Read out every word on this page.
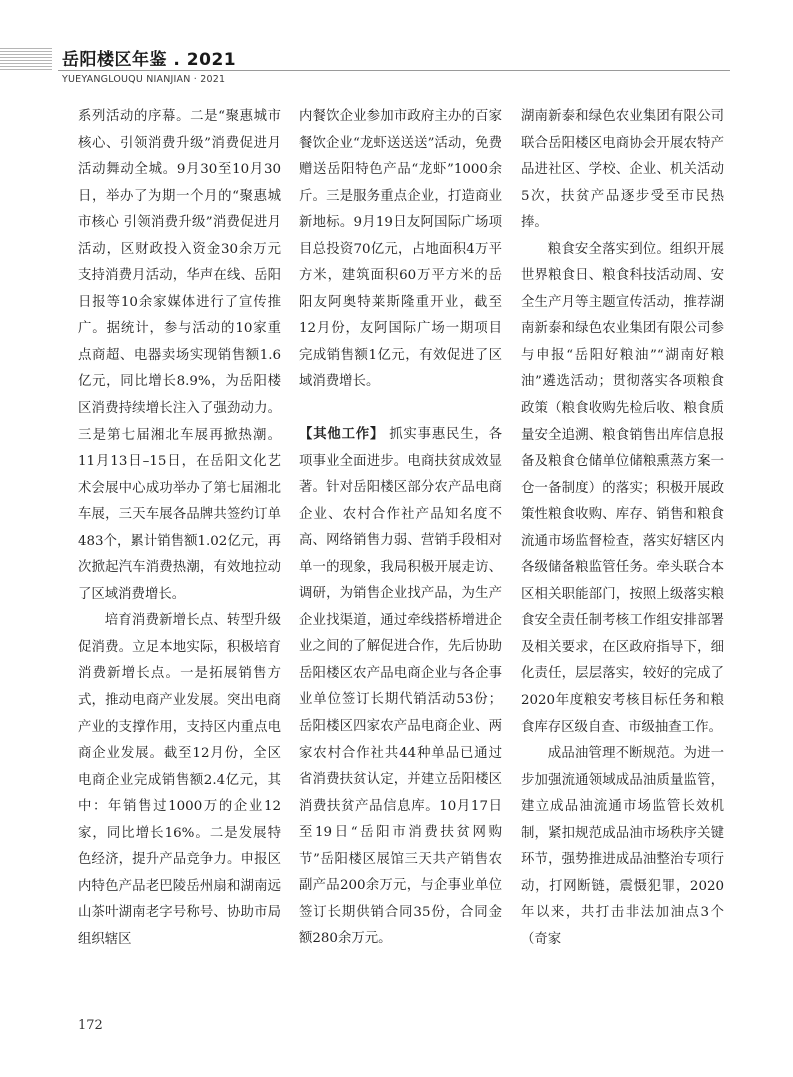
岳阳楼区年鉴 . 2021
YUEYANGLOUQU NIANJIAN · 2021

系列活动的序幕。二是“聚惠城市核心、引领消费升级”消费促进月活动舞动全城。9月30至10月30日，举办了为期一个月的“聚惠城市核心 引领消费升级”消费促进月活动，区财政投入资金30余万元支持消费月活动，华声在线、岳阳日报等10余家媒体进行了宣传推广。据统计，参与活动的10家重点商超、电器卖场实现销售额1.6亿元，同比增长8.9%，为岳阳楼区消费持续增长注入了强劲动力。三是第七届湘北车展再掀热潮。11月13日–15日，在岳阳文化艺术会展中心成功举办了第七届湘北车展，三天车展各品牌共签约订单483个，累计销售额1.02亿元，再次掀起汽车消费热潮，有效地拉动了区域消费增长。

培育消费新增长点、转型升级促消费。立足本地实际，积极培育消费新增长点。一是拓展销售方式，推动电商产业发展。突出电商产业的支撑作用，支持区内重点电商企业发展。截至12月份，全区电商企业完成销售额2.4亿元，其中：年销售过1000万的企业12家，同比增长16%。二是发展特色经济，提升产品竞争力。申报区内特色产品老巴陵岳州扇和湖南远山茶叶湖南老字号称号、协助市局组织辖区

内餐饮企业参加市政府主办的百家餐饮企业“龙虾送送送”活动，免费赠送岳阳特色产品“龙虾”1000余斤。三是服务重点企业，打造商业新地标。9月19日友阿国际广场项目总投资70亿元，占地面积4万平方米，建筑面积60万平方米的岳阳友阿奥特莱斯隆重开业，截至12月份，友阿国际广场一期项目完成销售额1亿元，有效促进了区域消费增长。

【其他工作】 抓实事惠民生，各项事业全面进步。电商扶贫成效显著。针对岳阳楼区部分农产品电商企业、农村合作社产品知名度不高、网络销售力弱、营销手段相对单一的现象，我局积极开展走访、调研，为销售企业找产品，为生产企业找渠道，通过牵线搭桥增进企业之间的了解促进合作，先后协助岳阳楼区农产品电商企业与各企事业单位签订长期代销活动53份；岳阳楼区四家农产品电商企业、两家农村合作社共44种单品已通过省消费扶贫认定，并建立岳阳楼区消费扶贫产品信息库。10月17日至19日“岳阳市消费扶贫网购节”岳阳楼区展馆三天共产销售农副产品200余万元，与企事业单位签订长期供销合同35份，合同金额280余万元。

湖南新泰和绿色农业集团有限公司联合岳阳楼区电商协会开展农特产品进社区、学校、企业、机关活动5次，扶贫产品逐步受至市民热捧。

粮食安全落实到位。组织开展世界粮食日、粮食科技活动周、安全生产月等主题宣传活动，推荐湖南新泰和绿色农业集团有限公司参与申报“岳阳好粮油”“湖南好粮油”遴选活动；贯彻落实各项粮食政策（粮食收购先检后收、粮食质量安全追溯、粮食销售出库信息报备及粮食仓储单位储粮熏蒸方案一仓一备制度）的落实；积极开展政策性粮食收购、库存、销售和粮食流通市场监督检查，落实好辖区内各级储备粮监管任务。牵头联合本区相关职能部门，按照上级落实粮食安全责任制考核工作组安排部署及相关要求，在区政府指导下，细化责任，层层落实，较好的完成了2020年度粮安考核目标任务和粮食库存区级自查、市级抽查工作。

成品油管理不断规范。为进一步加强流通领域成品油质量监管，建立成品油流通市场监管长效机制，紧扣规范成品油市场秩序关键环节，强势推进成品油整治专项行动，打网断链，震慑犯罪，2020年以来，共打击非法加油点3个（奇家

172
